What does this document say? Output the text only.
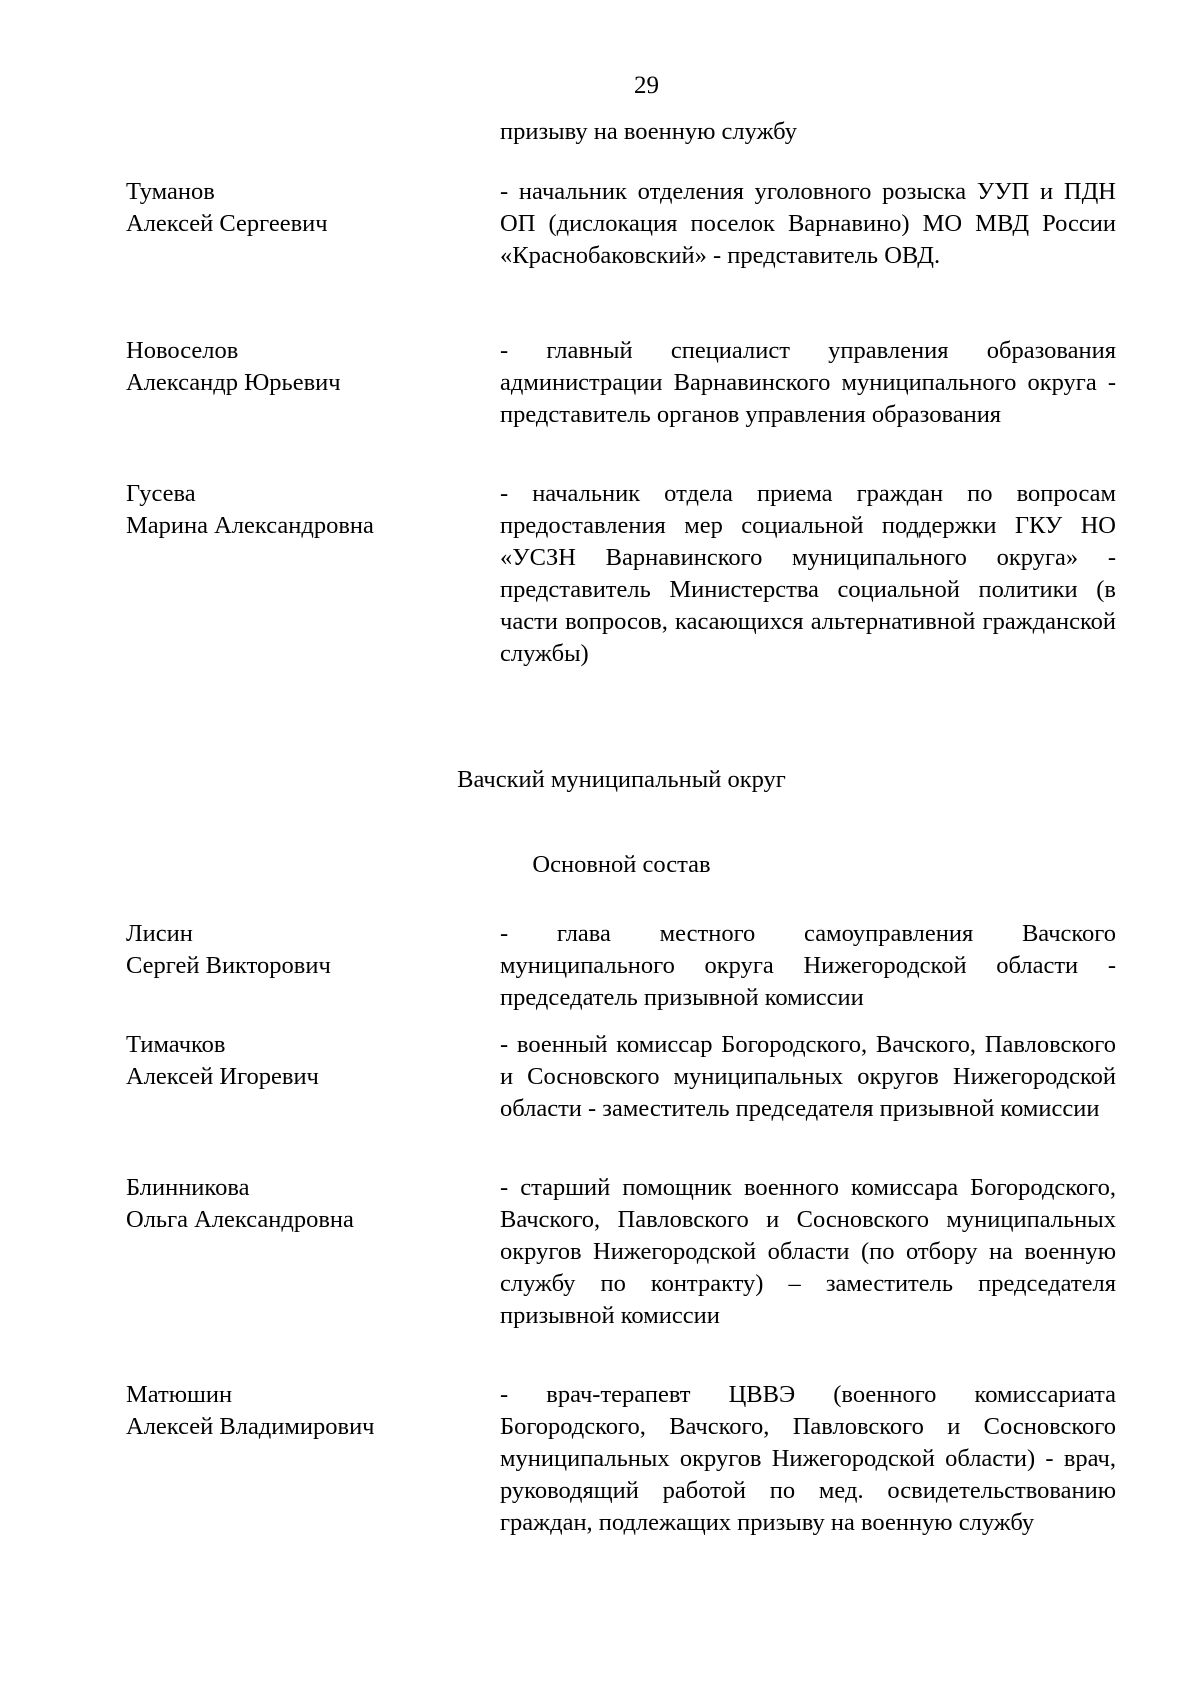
29
призыву на военную службу
Туманов
Алексей Сергеевич
- начальник отделения уголовного розыска УУП и ПДН ОП (дислокация поселок Варнавино) МО МВД России «Краснобаковский» - представитель ОВД.
Новоселов
Александр Юрьевич
- главный специалист управления образования администрации Варнавинского муниципального округа - представитель органов управления образования
Гусева
Марина Александровна
- начальник отдела приема граждан по вопросам предоставления мер социальной поддержки ГКУ НО «УСЗН Варнавинского муниципального округа» - представитель Министерства социальной политики (в части вопросов, касающихся альтернативной гражданской службы)
Вачский муниципальный округ
Основной состав
Лисин
Сергей Викторович
- глава местного самоуправления Вачского муниципального округа Нижегородской области - председатель призывной комиссии
Тимачков
Алексей Игоревич
- военный комиссар Богородского, Вачского, Павловского и Сосновского муниципальных округов Нижегородской области - заместитель председателя призывной комиссии
Блинникова
Ольга Александровна
- старший помощник военного комиссара Богородского, Вачского, Павловского и Сосновского муниципальных округов Нижегородской области (по отбору на военную службу по контракту) – заместитель председателя призывной комиссии
Матюшин
Алексей Владимирович
- врач-терапевт ЦВВЭ (военного комиссариата Богородского, Вачского, Павловского и Сосновского муниципальных округов Нижегородской области) - врач, руководящий работой по мед. освидетельствованию граждан, подлежащих призыву на военную службу
